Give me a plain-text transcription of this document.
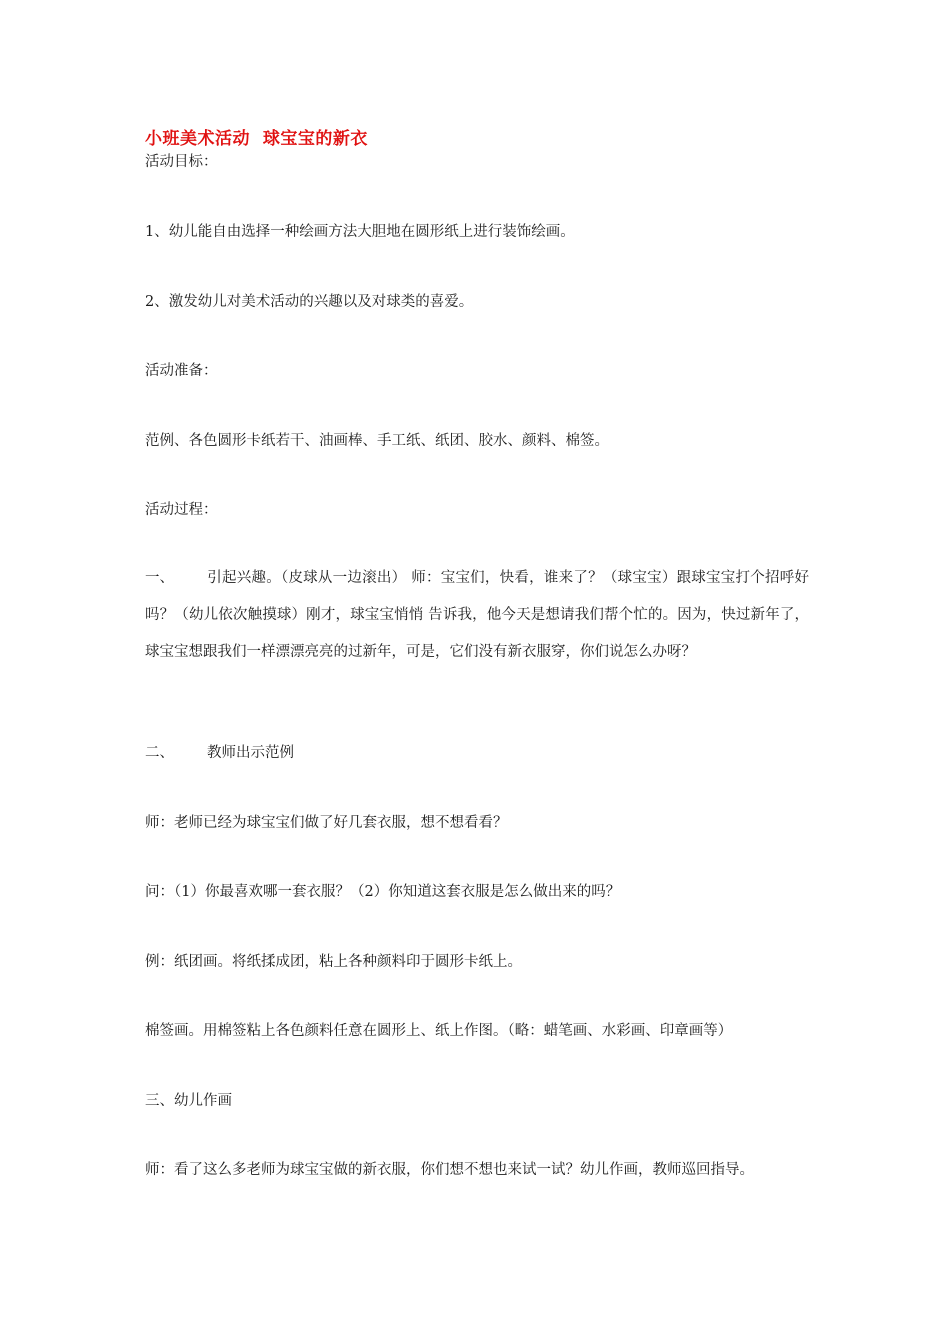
小班美术活动  球宝宝的新衣
活动目标：
1、幼儿能自由选择一种绘画方法大胆地在圆形纸上进行装饰绘画。
2、激发幼儿对美术活动的兴趣以及对球类的喜爱。
活动准备：
范例、各色圆形卡纸若干、油画棒、手工纸、纸团、胶水、颜料、棉签。
活动过程：
一、 引起兴趣。（皮球从一边滚出） 师：宝宝们，快看，谁来了？（球宝宝）跟球宝宝打个招呼好吗？（幼儿依次触摸球）刚才，球宝宝悄悄 告诉我，他今天是想请我们帮个忙的。因为，快过新年了，球宝宝想跟我们一样漂漂亮亮的过新年，可是，它们没有新衣服穿，你们说怎么办呀？
二、 教师出示范例
师：老师已经为球宝宝们做了好几套衣服，想不想看看？
问：（1）你最喜欢哪一套衣服？（2）你知道这套衣服是怎么做出来的吗？
例：纸团画。将纸揉成团，粘上各种颜料印于圆形卡纸上。
棉签画。用棉签粘上各色颜料任意在圆形上、纸上作图。（略：蜡笔画、水彩画、印章画等）
三、幼儿作画
师：看了这么多老师为球宝宝做的新衣服，你们想不想也来试一试？幼儿作画，教师巡回指导。
